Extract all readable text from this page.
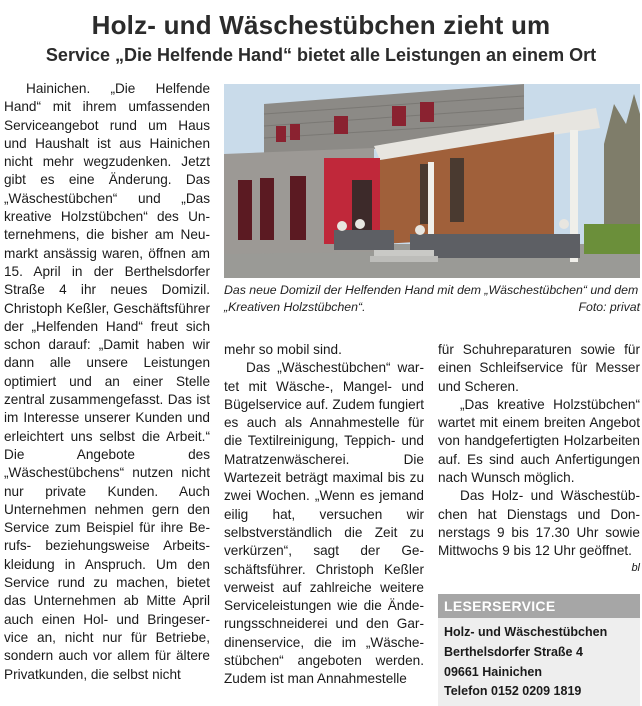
Holz- und Wäschestübchen zieht um
Service „Die Helfende Hand“ bietet alle Leistungen an einem Ort

Hainichen. „Die Helfende Hand“ mit ihrem umfassenden Serviceangebot rund um Haus und Haushalt ist aus Hainichen nicht mehr wegzudenken. Jetzt gibt es eine Änderung. Das „Wäschestübchen“ und „Das kreative Holzstübchen“ des Unternehmens, die bisher am Neumarkt ansässig waren, öffnen am 15. April in der Berthelsdorfer Straße 4 ihr neues Domizil. Christoph Keßler, Geschäftsführer der „Helfenden Hand“ freut sich schon darauf: „Damit haben wir dann alle unsere Leistungen optimiert und an einer Stelle zentral zusammengefasst. Das ist im Interesse unserer Kunden und erleichtert uns selbst die Arbeit.“ Die Angebote des „Wäschestübchens“ nutzen nicht nur private Kunden. Auch Unternehmen nehmen gern den Service zum Beispiel für ihre Berufs- beziehungsweise Arbeitskleidung in Anspruch. Um den Service rund zu machen, bietet das Unternehmen ab Mitte April auch einen Hol- und Bringeservice an, nicht nur für Betriebe, sondern auch vor allem für ältere Privatkunden, die selbst nicht

Das neue Domizil der Helfenden Hand mit dem „Wäschestübchen“ und dem „Kreativen Holzstübchen“.	Foto: privat

mehr so mobil sind.

Das „Wäschestübchen“ wartet mit Wäsche-, Mangel- und Bügelservice auf. Zudem fungiert es auch als Annahmestelle für die Textilreinigung, Teppich- und Matratzenwäscherei. Die Wartezeit beträgt maximal bis zu zwei Wochen. „Wenn es jemand eilig hat, versuchen wir selbstverständlich die Zeit zu verkürzen“, sagt der Geschäftsführer. Christoph Keßler verweist auf zahlreiche weitere Serviceleistungen wie die Änderungsschneiderei und den Gardinenservice, die im „Wäschestübchen“ angeboten werden. Zudem ist man Annahmestelle

für Schuhreparaturen sowie für einen Schleifservice für Messer und Scheren.

„Das kreative Holzstübchen“ wartet mit einem breiten Angebot von handgefertigten Holzarbeiten auf. Es sind auch Anfertigungen nach Wunsch möglich.

Das Holz- und Wäschestübchen hat Dienstags und Donnerstags 9 bis 17.30 Uhr sowie Mittwochs 9 bis 12 Uhr geöffnet.

bl
LESERSERVICE
Holz- und Wäschestübchen
Berthelsdorfer Straße 4
09661 Hainichen
Telefon 0152 0209 1819
